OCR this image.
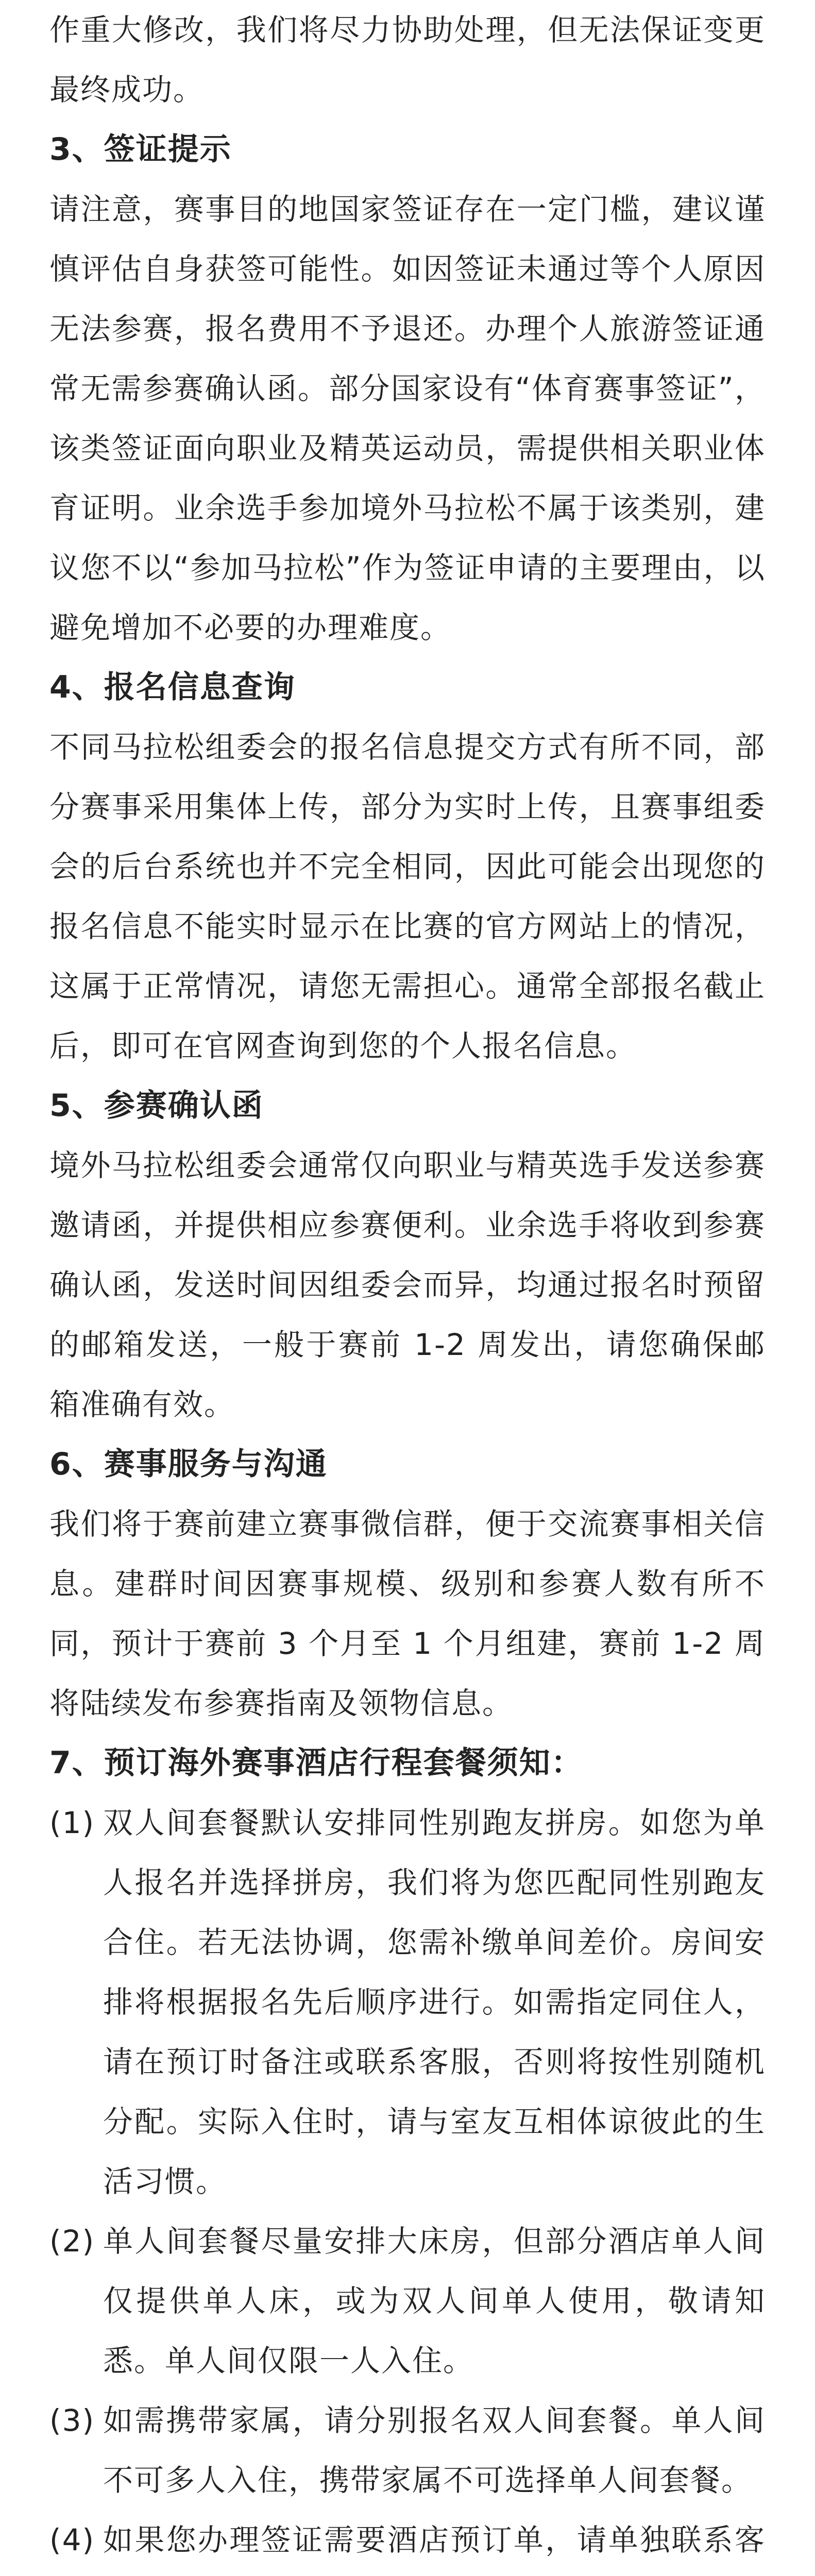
作重大修改，我们将尽力协助处理，但无法保证变更最终成功。

3、签证提示

请注意，赛事目的地国家签证存在一定门槛，建议谨慎评估自身获签可能性。如因签证未通过等个人原因无法参赛，报名费用不予退还。办理个人旅游签证通常无需参赛确认函。部分国家设有“体育赛事签证”，该类签证面向职业及精英运动员，需提供相关职业体育证明。业余选手参加境外马拉松不属于该类别，建议您不以“参加马拉松”作为签证申请的主要理由，以避免增加不必要的办理难度。

4、报名信息查询

不同马拉松组委会的报名信息提交方式有所不同，部分赛事采用集体上传，部分为实时上传，且赛事组委会的后台系统也并不完全相同，因此可能会出现您的报名信息不能实时显示在比赛的官方网站上的情况，这属于正常情况，请您无需担心。通常全部报名截止后，即可在官网查询到您的个人报名信息。

5、参赛确认函

境外马拉松组委会通常仅向职业与精英选手发送参赛邀请函，并提供相应参赛便利。业余选手将收到参赛确认函，发送时间因组委会而异，均通过报名时预留的邮箱发送，一般于赛前 1-2 周发出，请您确保邮箱准确有效。

6、赛事服务与沟通

我们将于赛前建立赛事微信群，便于交流赛事相关信息。建群时间因赛事规模、级别和参赛人数有所不同，预计于赛前 3 个月至 1 个月组建，赛前 1-2 周将陆续发布参赛指南及领物信息。

7、预订海外赛事酒店行程套餐须知：

(1) 双人间套餐默认安排同性别跑友拼房。如您为单人报名并选择拼房，我们将为您匹配同性别跑友合住。若无法协调，您需补缴单间差价。房间安排将根据报名先后顺序进行。如需指定同住人，请在预订时备注或联系客服，否则将按性别随机分配。实际入住时，请与室友互相体谅彼此的生活习惯。
(2) 单人间套餐尽量安排大床房，但部分酒店单人间仅提供单人床，或为双人间单人使用，敬请知悉。单人间仅限一人入住。
(3) 如需携带家属，请分别报名双人间套餐。单人间不可多人入住，携带家属不可选择单人间套餐。
(4) 如果您办理签证需要酒店预订单，请单独联系客
